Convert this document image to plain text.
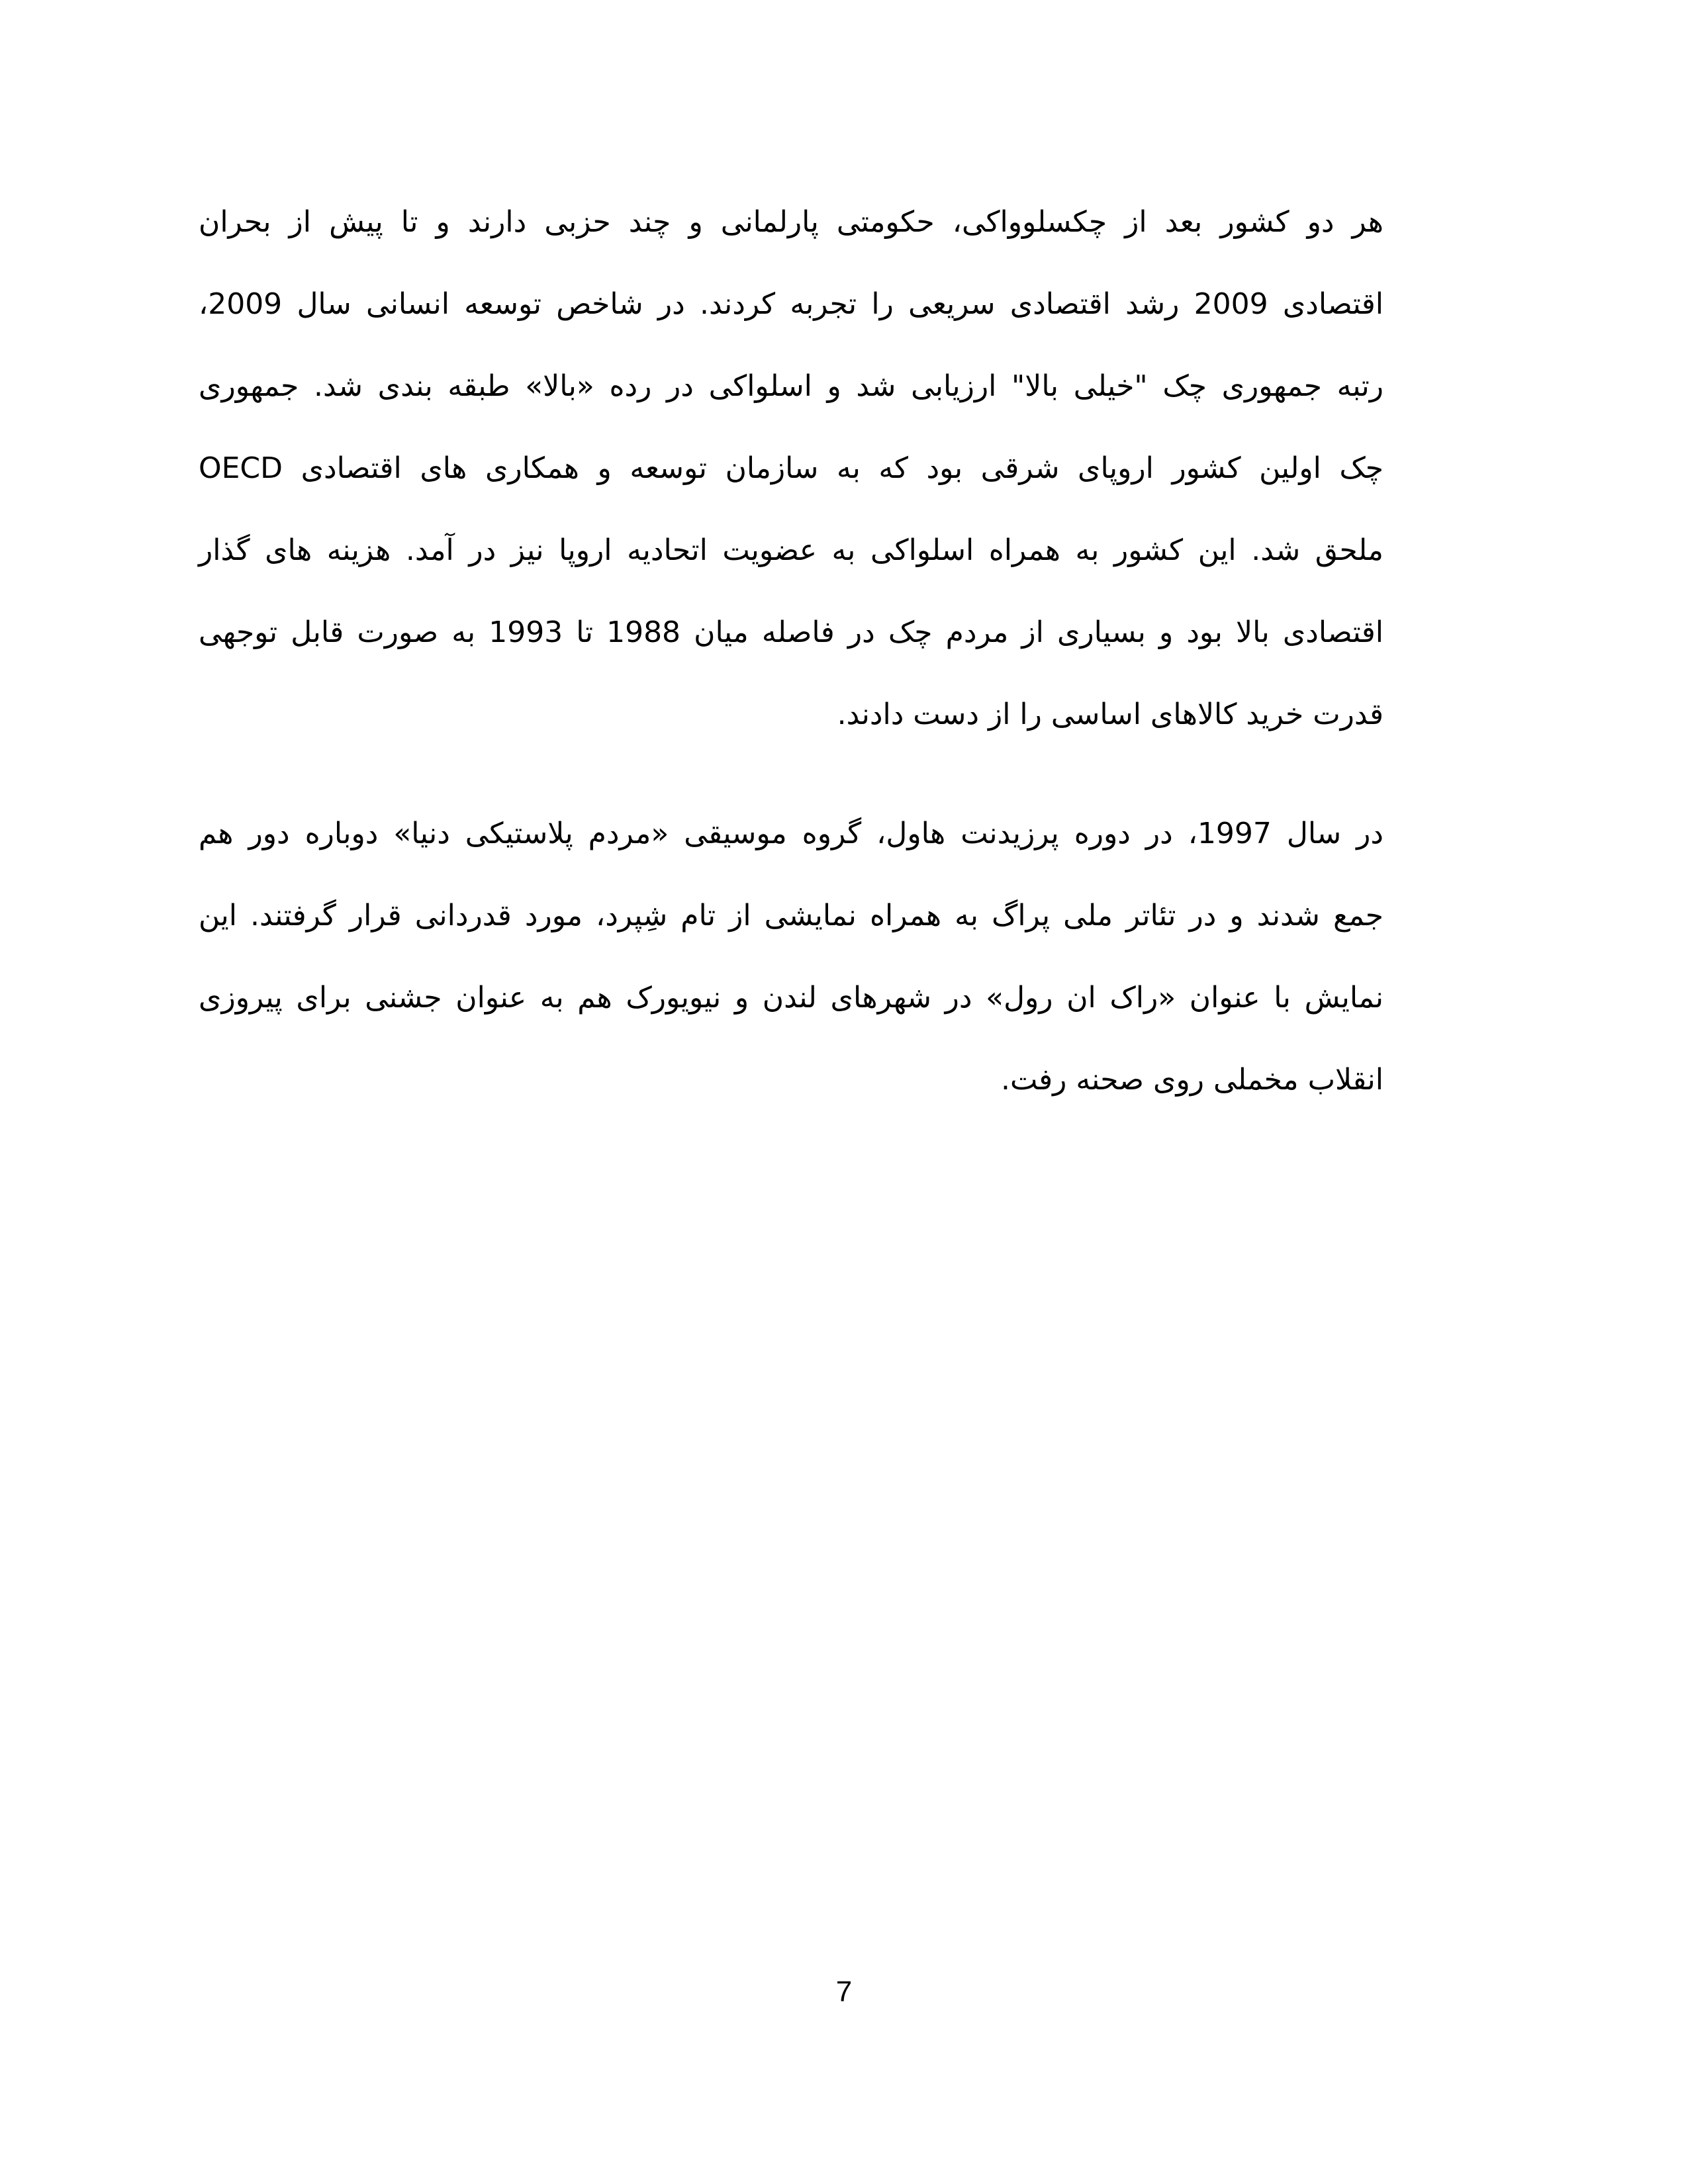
هر دو کشور بعد از چکسلوواکی، حکومتی پارلمانی و چند حزبی دارند و تا پیش از بحران
اقتصادی 2009 رشد اقتصادی سریعی را تجربه کردند. در شاخص توسعه انسانی سال 2009،
رتبه جمهوری چک "خیلی بالا" ارزیابی شد و اسلواکی در رده «بالا» طبقه بندی شد. جمهوری
چک اولین کشور اروپای شرقی بود که به سازمان توسعه و همکاری های اقتصادی OECD
ملحق شد. این کشور به همراه اسلواکی به عضویت اتحادیه اروپا نیز در آمد. هزینه های گذار
اقتصادی بالا بود و بسیاری از مردم چک در فاصله میان 1988 تا 1993 به صورت قابل توجهی
قدرت خرید کالاهای اساسی را از دست دادند.
در سال 1997، در دوره پرزیدنت هاول، گروه موسیقی «مردم پلاستیکی دنیا» دوباره دور هم
جمع شدند و در تئاتر ملی پراگ به همراه نمایشی از تام شِپرد، مورد قدردانی قرار گرفتند. این
نمایش با عنوان «راک ان رول» در شهرهای لندن و نیویورک هم به عنوان جشنی برای پیروزی
انقلاب مخملی روی صحنه رفت.
7
